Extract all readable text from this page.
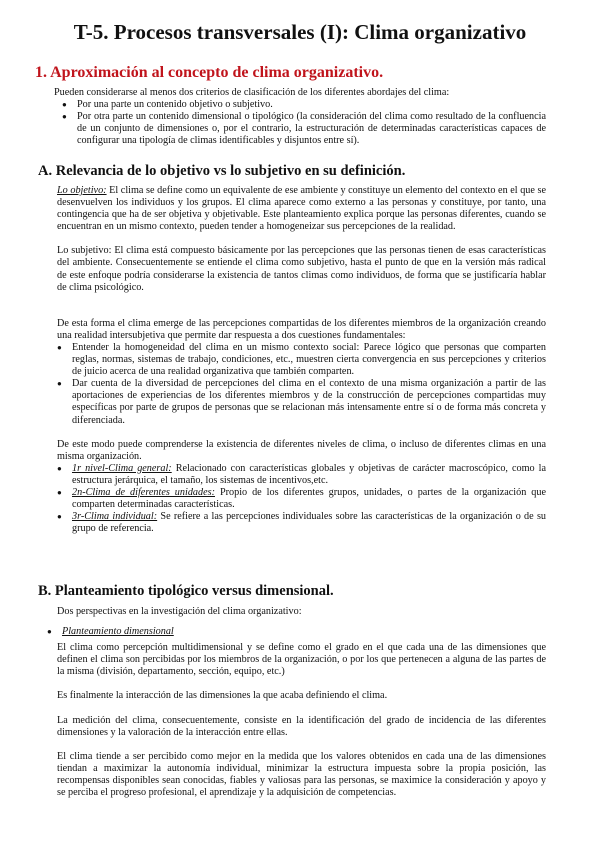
T-5. Procesos transversales (I): Clima organizativo
1. Aproximación al concepto de clima organizativo.

Pueden considerarse al menos dos criterios de clasificación de los diferentes abordajes del clima:

● Por una parte un contenido objetivo o subjetivo.
● Por otra parte un contenido dimensional o tipológico (la consideración del clima como resultado de la confluencia de un conjunto de dimensiones o, por el contrario, la estructuración de determinadas características capaces de configurar una tipología de climas identificables y disjuntos entre sí).
A. Relevancia de lo objetivo vs lo subjetivo en su definición.

Lo objetivo: El clima se define como un equivalente de ese ambiente y constituye un elemento del contexto en el que se desenvuelven los individuos y los grupos. El clima aparece como externo a las personas y constituye, por tanto, una contingencia que ha de ser objetiva y objetivable. Este planteamiento explica porque las personas diferentes, cuando se encuentran en un mismo contexto, pueden tender a homogeneizar sus percepciones de la realidad.

Lo subjetivo: El clima está compuesto básicamente por las percepciones que las personas tienen de esas características del ambiente. Consecuentemente se entiende el clima como subjetivo, hasta el punto de que en la versión más radical de este enfoque podría considerarse la existencia de tantos climas como individuos, de forma que se justificaría hablar de clima psicológico.

De esta forma el clima emerge de las percepciones compartidas de los diferentes miembros de la organización creando una realidad intersubjetiva que permite dar respuesta a dos cuestiones fundamentales:

● Entender la homogeneidad del clima en un mismo contexto social: Parece lógico que personas que comparten reglas, normas, sistemas de trabajo, condiciones, etc., muestren cierta convergencia en sus percepciones y criterios de juicio acerca de una realidad organizativa que también comparten.
● Dar cuenta de la diversidad de percepciones del clima en el contexto de una misma organización a partir de las aportaciones de experiencias de los diferentes miembros y de la construcción de percepciones compartidas muy específicas por parte de grupos de personas que se relacionan más intensamente entre sí o de forma más concreta y diferenciada.

De este modo puede comprenderse la existencia de diferentes niveles de clima, o incluso de diferentes climas en una misma organización.

● 1r nivel-Clima general: Relacionado con características globales y objetivas de carácter macroscópico, como la estructura jerárquica, el tamaño, los sistemas de incentivos,etc.
● 2n-Clima de diferentes unidades: Propio de los diferentes grupos, unidades, o partes de la organización que comparten determinadas características.
● 3r-Clima individual: Se refiere a las percepciones individuales sobre las características de la organización o de su grupo de referencia.
B. Planteamiento tipológico versus dimensional.

Dos perspectivas en la investigación del clima organizativo:

● Planteamiento dimensional

El clima como percepción multidimensional y se define como el grado en el que cada una de las dimensiones que definen el clima son percibidas por los miembros de la organización, o por los que pertenecen a alguna de las partes de la misma (división, departamento, sección, equipo, etc.)

Es finalmente la interacción de las dimensiones la que acaba definiendo el clima.

La medición del clima, consecuentemente, consiste en la identificación del grado de incidencia de las diferentes dimensiones y la valoración de la interacción entre ellas.

El clima tiende a ser percibido como mejor en la medida que los valores obtenidos en cada una de las dimensiones tiendan a maximizar la autonomía individual, minimizar la estructura impuesta sobre la propia posición, las recompensas disponibles sean conocidas, fiables y valiosas para las personas, se maximice la consideración y apoyo y se perciba el progreso profesional, el aprendizaje y la adquisición de competencias.
